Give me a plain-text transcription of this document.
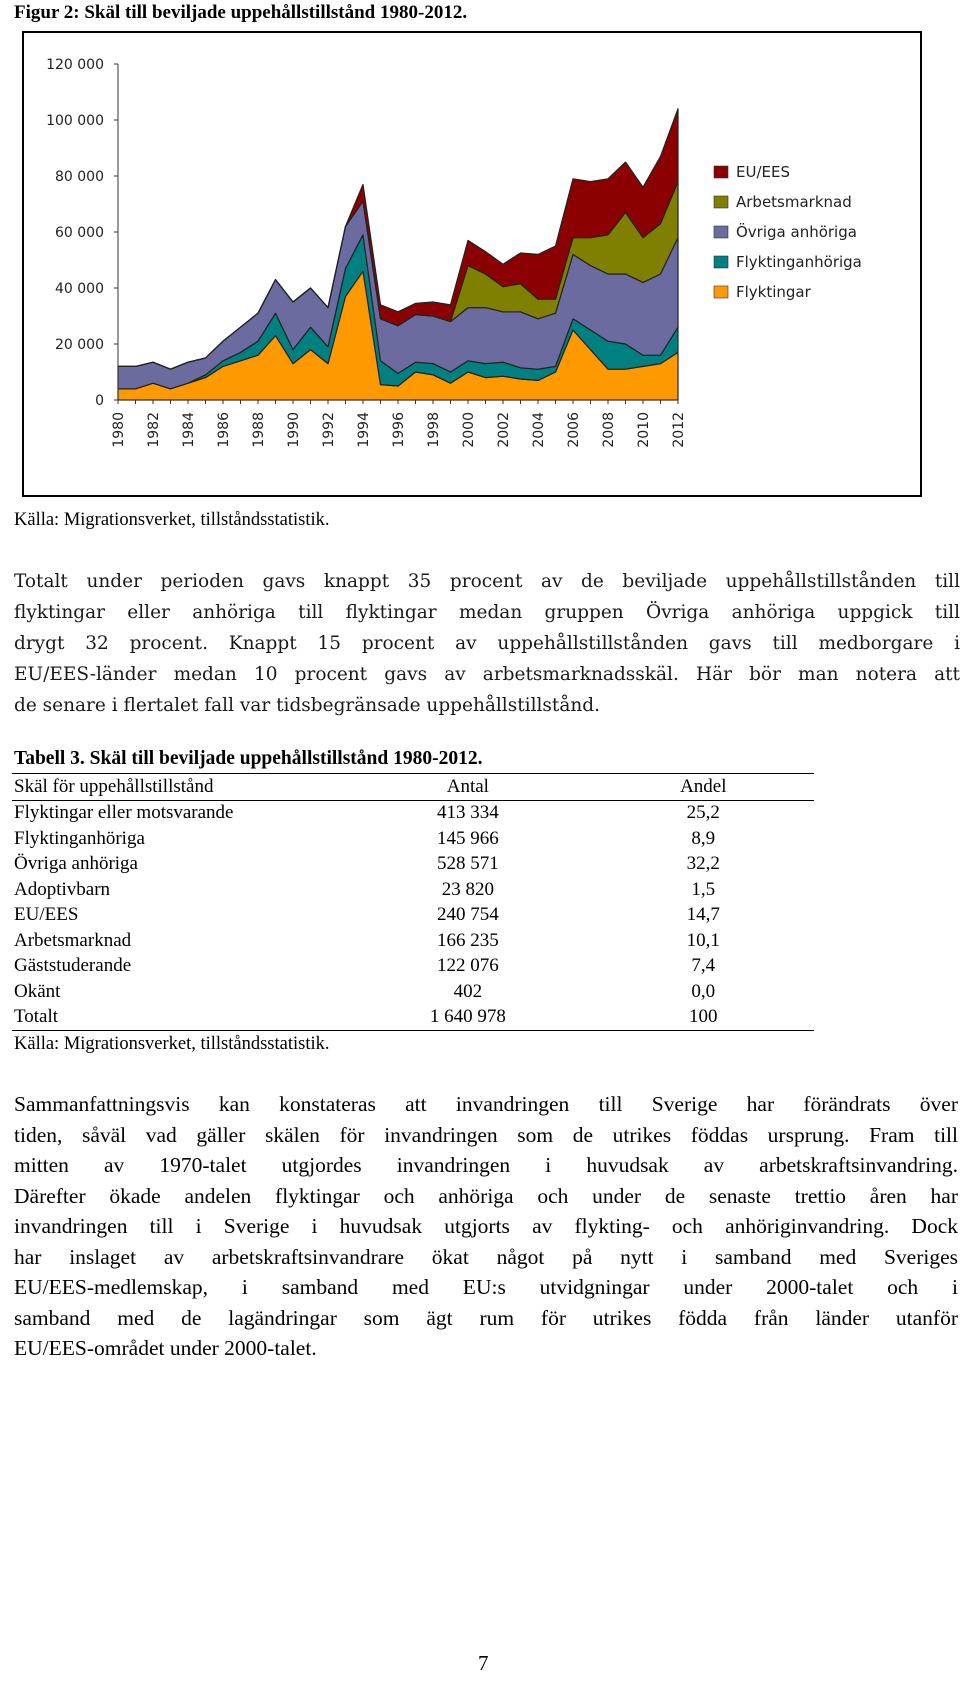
Figur 2: Skäl till beviljade uppehållstillstånd 1980-2012.
0
20 000
40 000
60 000
80 000
100 000
120 000
1980 1982 1984 1986 1988 1990 1992 1994 1996 1998 2000 2002 2004 2006 2008 2010 2012
EU/EES
Arbetsmarknad
Övriga anhöriga
Flyktinganhöriga
Flyktingar
Källa: Migrationsverket, tillståndsstatistik.
Totalt under perioden gavs knappt 35 procent av de beviljade uppehållstillstånden till
flyktingar eller anhöriga till flyktingar medan gruppen Övriga anhöriga uppgick till
drygt 32 procent. Knappt 15 procent av uppehållstillstånden gavs till medborgare i
EU/EES-länder medan 10 procent gavs av arbetsmarknadsskäl. Här bör man notera att
de senare i flertalet fall var tidsbegränsade uppehållstillstånd.
Tabell 3. Skäl till beviljade uppehållstillstånd 1980-2012.
Skäl för uppehållstillstånd	Antal	Andel
Flyktingar eller motsvarande	413 334	25,2
Flyktinganhöriga	145 966	8,9
Övriga anhöriga	528 571	32,2
Adoptivbarn	23 820	1,5
EU/EES	240 754	14,7
Arbetsmarknad	166 235	10,1
Gäststuderande	122 076	7,4
Okänt	402	0,0
Totalt	1 640 978	100
Källa: Migrationsverket, tillståndsstatistik.
Sammanfattningsvis kan konstateras att invandringen till Sverige har förändrats över
tiden, såväl vad gäller skälen för invandringen som de utrikes föddas ursprung. Fram till
mitten av 1970-talet utgjordes invandringen i huvudsak av arbetskraftsinvandring.
Därefter ökade andelen flyktingar och anhöriga och under de senaste trettio åren har
invandringen till i Sverige i huvudsak utgjorts av flykting- och anhöriginvandring. Dock
har inslaget av arbetskraftsinvandrare ökat något på nytt i samband med Sveriges
EU/EES-medlemskap, i samband med EU:s utvidgningar under 2000-talet och i
samband med de lagändringar som ägt rum för utrikes födda från länder utanför
EU/EES-området under 2000-talet.
7
